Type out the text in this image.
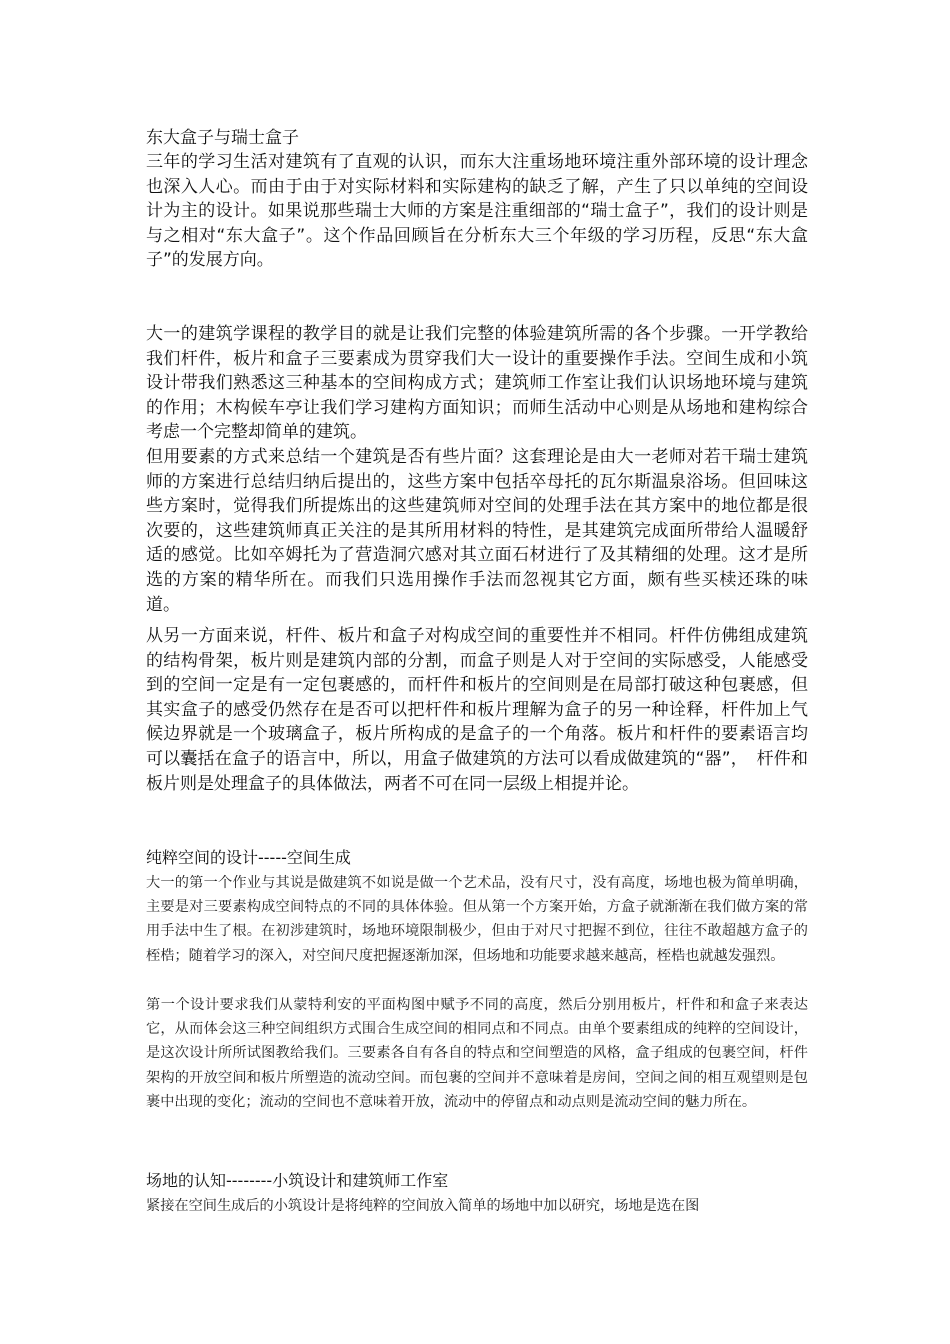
东大盒子与瑞士盒子

三年的学习生活对建筑有了直观的认识，而东大注重场地环境注重外部环境的设计理念也深入人心。而由于由于对实际材料和实际建构的缺乏了解，产生了只以单纯的空间设计为主的设计。如果说那些瑞士大师的方案是注重细部的“瑞士盒子”，我们的设计则是与之相对“东大盒子”。这个作品回顾旨在分析东大三个年级的学习历程，反思“东大盒子”的发展方向。

大一的建筑学课程的教学目的就是让我们完整的体验建筑所需的各个步骤。一开学教给我们杆件，板片和盒子三要素成为贯穿我们大一设计的重要操作手法。空间生成和小筑设计带我们熟悉这三种基本的空间构成方式；建筑师工作室让我们认识场地环境与建筑的作用；木构候车亭让我们学习建构方面知识；而师生活动中心则是从场地和建构综合考虑一个完整却简单的建筑。

但用要素的方式来总结一个建筑是否有些片面？这套理论是由大一老师对若干瑞士建筑师的方案进行总结归纳后提出的，这些方案中包括卒母托的瓦尔斯温泉浴场。但回味这些方案时，觉得我们所提炼出的这些建筑师对空间的处理手法在其方案中的地位都是很次要的，这些建筑师真正关注的是其所用材料的特性，是其建筑完成面所带给人温暖舒适的感觉。比如卒姆托为了营造洞穴感对其立面石材进行了及其精细的处理。这才是所选的方案的精华所在。而我们只选用操作手法而忽视其它方面，颇有些买椟还珠的味道。

从另一方面来说，杆件、板片和盒子对构成空间的重要性并不相同。杆件仿佛组成建筑的结构骨架，板片则是建筑内部的分割，而盒子则是人对于空间的实际感受，人能感受到的空间一定是有一定包裹感的，而杆件和板片的空间则是在局部打破这种包裹感，但其实盒子的感受仍然存在是否可以把杆件和板片理解为盒子的另一种诠释，杆件加上气候边界就是一个玻璃盒子，板片所构成的是盒子的一个角落。板片和杆件的要素语言均可以囊括在盒子的语言中，所以，用盒子做建筑的方法可以看成做建筑的“器”，　杆件和板片则是处理盒子的具体做法，两者不可在同一层级上相提并论。

纯粹空间的设计-----空间生成

大一的第一个作业与其说是做建筑不如说是做一个艺术品，没有尺寸，没有高度，场地也极为简单明确，主要是对三要素构成空间特点的不同的具体体验。但从第一个方案开始，方盒子就渐渐在我们做方案的常用手法中生了根。在初涉建筑时，场地环境限制极少，但由于对尺寸把握不到位，往往不敢超越方盒子的桎梏；随着学习的深入，对空间尺度把握逐渐加深，但场地和功能要求越来越高，桎梏也就越发强烈。

第一个设计要求我们从蒙特利安的平面构图中赋予不同的高度，然后分别用板片，杆件和和盒子来表达它，从而体会这三种空间组织方式围合生成空间的相同点和不同点。由单个要素组成的纯粹的空间设计，是这次设计所所试图教给我们。三要素各自有各自的特点和空间塑造的风格，盒子组成的包裹空间，杆件架构的开放空间和板片所塑造的流动空间。而包裹的空间并不意味着是房间，空间之间的相互观望则是包裹中出现的变化；流动的空间也不意味着开放，流动中的停留点和动点则是流动空间的魅力所在。

场地的认知--------小筑设计和建筑师工作室

紧接在空间生成后的小筑设计是将纯粹的空间放入简单的场地中加以研究，场地是选在图
